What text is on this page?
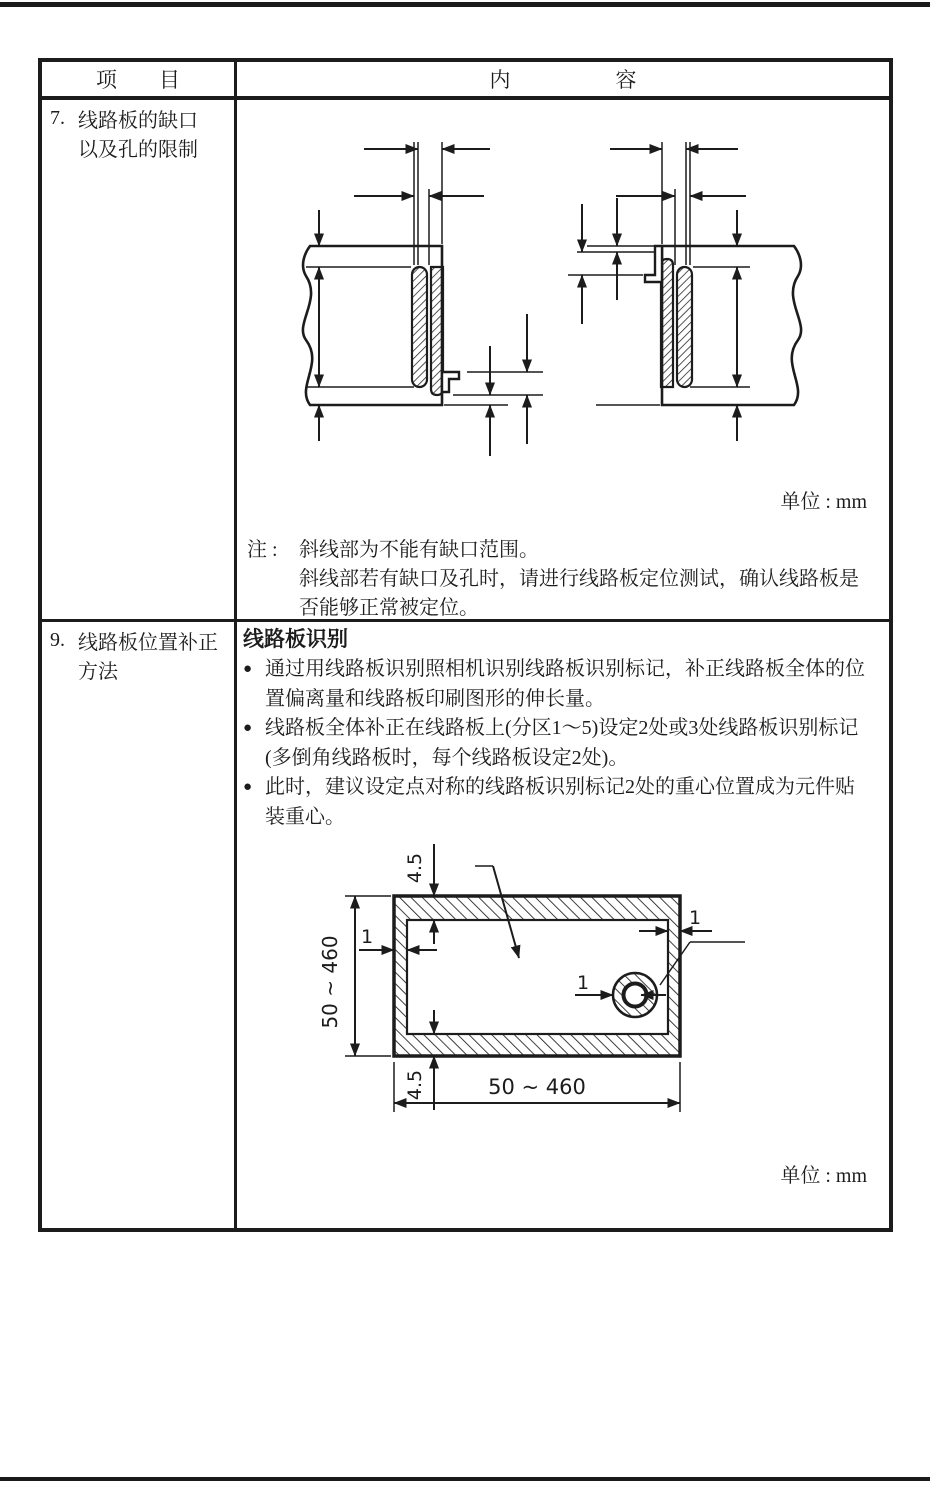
项　　目	内　　　　　容
7. 线路板的缺口
以及孔的限制
单位 : mm
注 :	斜线部为不能有缺口范围。
斜线部若有缺口及孔时，请进行线路板定位测试，确认线路板是
否能够正常被定位。
9. 线路板位置补正
方法
线路板识别
● 通过用线路板识别照相机识别线路板识别标记，补正线路板全体的位
置偏离量和线路板印刷图形的伸长量。
● 线路板全体补正在线路板上(分区1～5)设定2处或3处线路板识别标记
(多倒角线路板时，每个线路板设定2处)。
● 此时，建议设定点对称的线路板识别标记2处的重心位置成为元件贴
装重心。
50 ~ 460
50 ~ 460
4.5
4.5
1
1
1
单位 : mm
